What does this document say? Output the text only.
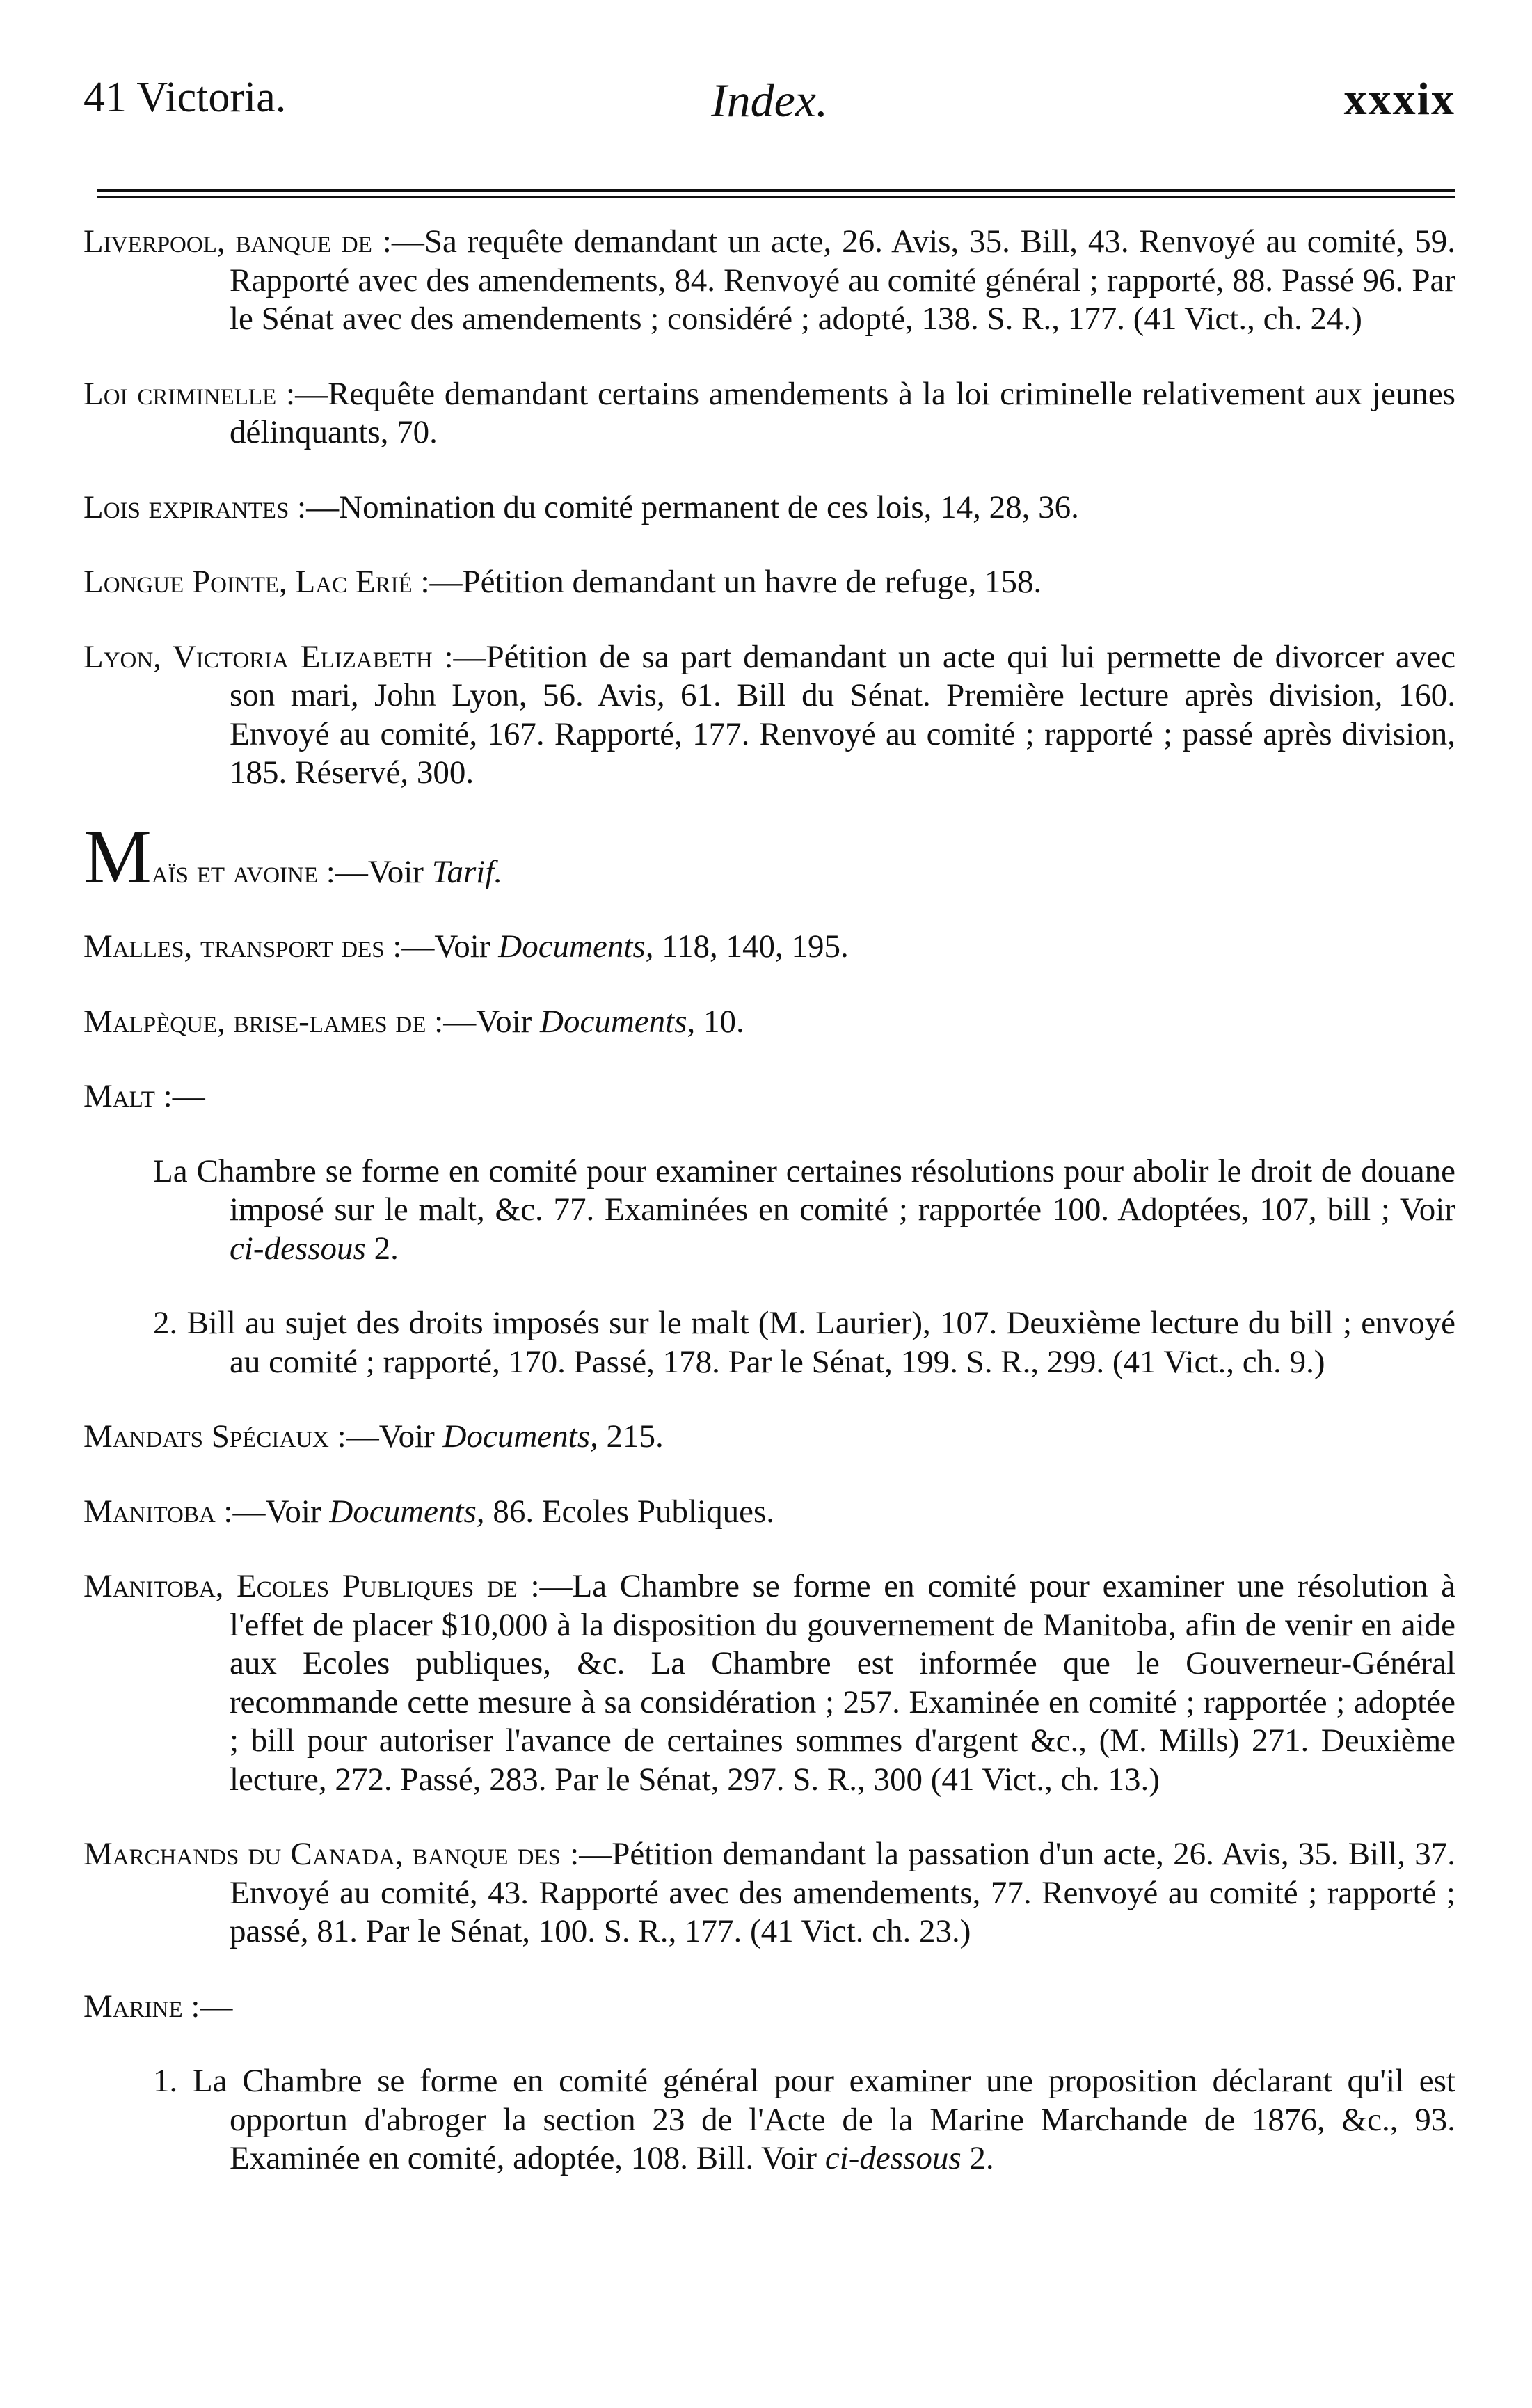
41 Victoria.	Index.	xxxix

Liverpool, banque de :—Sa requête demandant un acte, 26. Avis, 35. Bill, 43. Renvoyé au comité, 59. Rapporté avec des amendements, 84. Renvoyé au comité général ; rapporté, 88. Passé 96. Par le Sénat avec des amendements ; considéré ; adopté, 138. S. R., 177. (41 Vict., ch. 24.)

Loi criminelle :—Requête demandant certains amendements à la loi criminelle relativement aux jeunes délinquants, 70.

Lois expirantes :—Nomination du comité permanent de ces lois, 14, 28, 36.

Longue Pointe, Lac Erié :—Pétition demandant un havre de refuge, 158.

Lyon, Victoria Elizabeth :—Pétition de sa part demandant un acte qui lui permette de divorcer avec son mari, John Lyon, 56. Avis, 61. Bill du Sénat. Première lecture après division, 160. Envoyé au comité, 167. Rapporté, 177. Renvoyé au comité ; rapporté ; passé après division, 185. Réservé, 300.

Maïs et avoine :—Voir Tarif.

Malles, transport des :—Voir Documents, 118, 140, 195.

Malpèque, brise-lames de :—Voir Documents, 10.

Malt :—

La Chambre se forme en comité pour examiner certaines résolutions pour abolir le droit de douane imposé sur le malt, &c. 77. Examinées en comité ; rapportée 100. Adoptées, 107, bill ; Voir ci-dessous 2.

2. Bill au sujet des droits imposés sur le malt (M. Laurier), 107. Deuxième lecture du bill ; envoyé au comité ; rapporté, 170. Passé, 178. Par le Sénat, 199. S. R., 299. (41 Vict., ch. 9.)

Mandats Spéciaux :—Voir Documents, 215.

Manitoba :—Voir Documents, 86. Ecoles Publiques.

Manitoba, Ecoles Publiques de :—La Chambre se forme en comité pour examiner une résolution à l'effet de placer $10,000 à la disposition du gouvernement de Manitoba, afin de venir en aide aux Ecoles publiques, &c. La Chambre est informée que le Gouverneur-Général recommande cette mesure à sa considération ; 257. Examinée en comité ; rapportée ; adoptée ; bill pour autoriser l'avance de certaines sommes d'argent &c., (M. Mills) 271. Deuxième lecture, 272. Passé, 283. Par le Sénat, 297. S. R., 300 (41 Vict., ch. 13.)

Marchands du Canada, banque des :—Pétition demandant la passation d'un acte, 26. Avis, 35. Bill, 37. Envoyé au comité, 43. Rapporté avec des amendements, 77. Renvoyé au comité ; rapporté ; passé, 81. Par le Sénat, 100. S. R., 177. (41 Vict. ch. 23.)

Marine :—

1. La Chambre se forme en comité général pour examiner une proposition déclarant qu'il est opportun d'abroger la section 23 de l'Acte de la Marine Marchande de 1876, &c., 93. Examinée en comité, adoptée, 108. Bill. Voir ci-dessous 2.
